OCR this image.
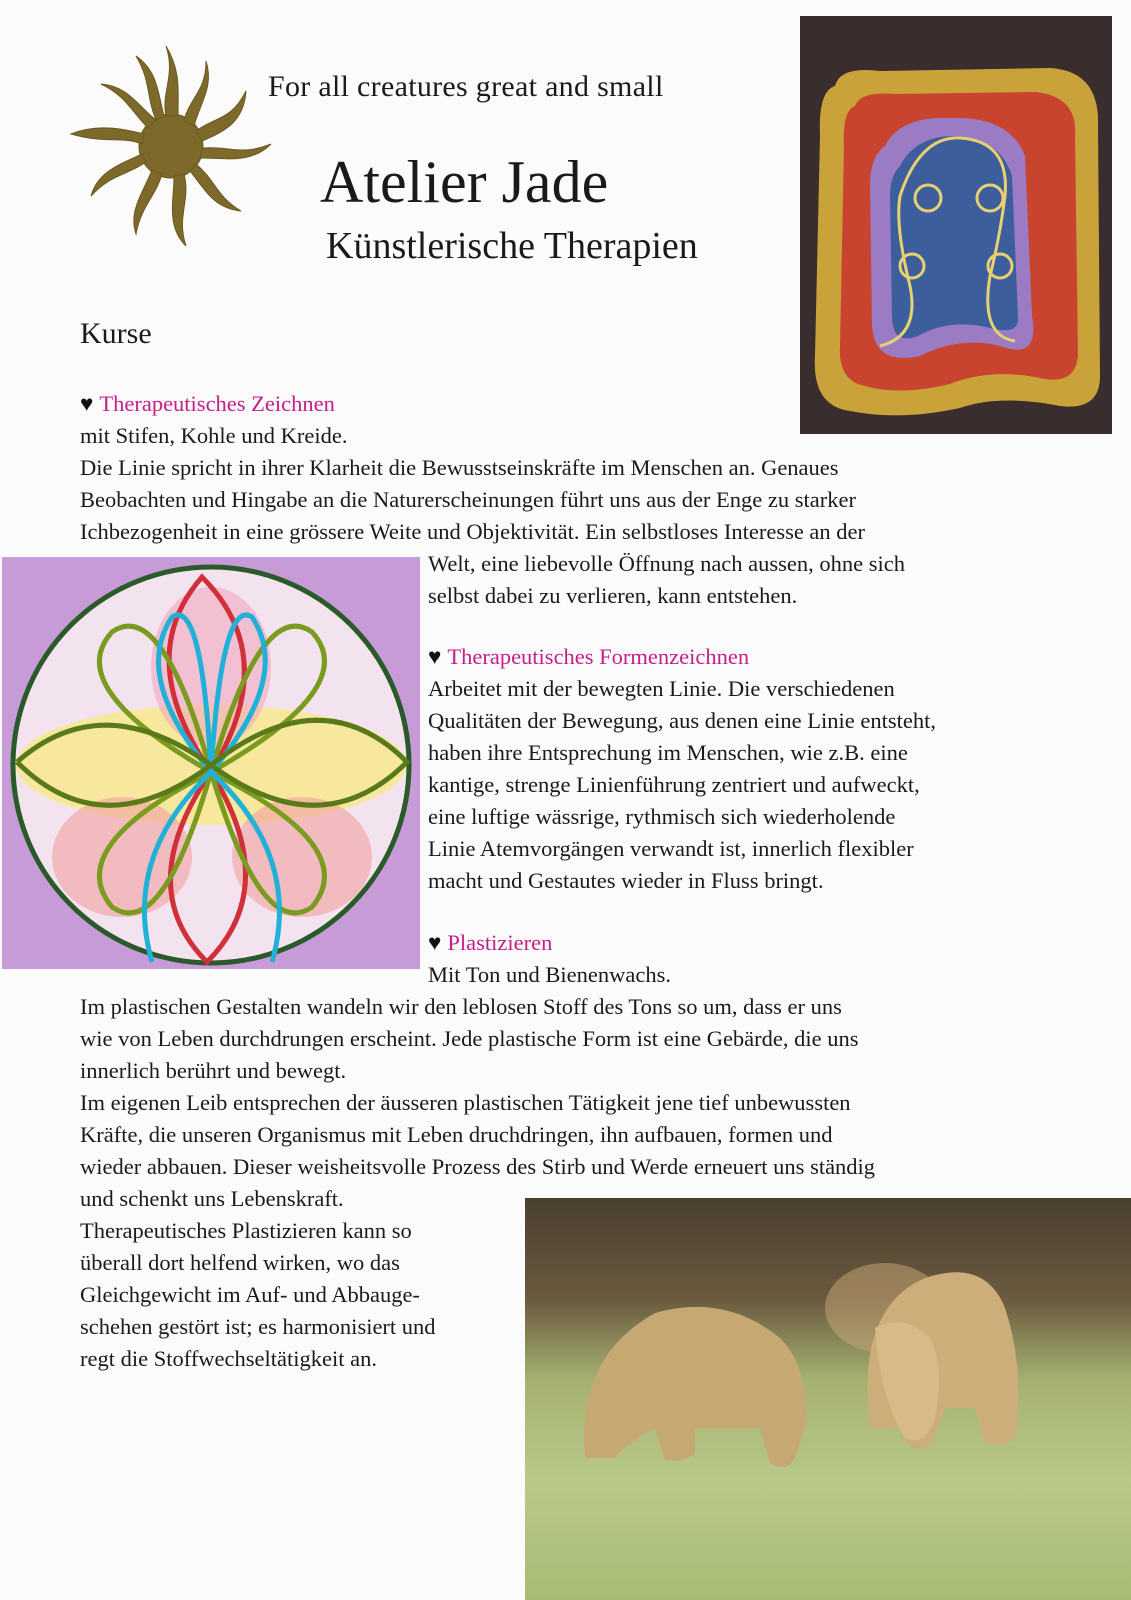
For all creatures great and small
Atelier Jade
Künstlerische Therapien
Kurse
♥ Therapeutisches Zeichnen
mit Stifen, Kohle und Kreide.
Die Linie spricht in ihrer Klarheit die Bewusstseinskräfte im Menschen an. Genaues
Beobachten und Hingabe an die Naturerscheinungen führt uns aus der Enge zu starker
Ichbezogenheit in eine grössere Weite und Objektivität. Ein selbstloses Interesse an der
Welt, eine liebevolle Öffnung nach aussen, ohne sich
selbst dabei zu verlieren, kann entstehen.
♥ Therapeutisches Formenzeichnen
Arbeitet mit der bewegten Linie. Die verschiedenen
Qualitäten der Bewegung, aus denen eine Linie entsteht,
haben ihre Entsprechung im Menschen, wie z.B. eine
kantige, strenge Linienführung zentriert und aufweckt,
eine luftige wässrige, rythmisch sich wiederholende
Linie Atemvorgängen verwandt ist, innerlich flexibler
macht und Gestautes wieder in Fluss bringt.
♥ Plastizieren
Mit Ton und Bienenwachs.
Im plastischen Gestalten wandeln wir den leblosen Stoff des Tons so um, dass er uns
wie von Leben durchdrungen erscheint. Jede plastische Form ist eine Gebärde, die uns
innerlich berührt und bewegt.
Im eigenen Leib entsprechen der äusseren plastischen Tätigkeit jene tief unbewussten
Kräfte, die unseren Organismus mit Leben druchdringen, ihn aufbauen, formen und
wieder abbauen. Dieser weisheitsvolle Prozess des Stirb und Werde erneuert uns ständig
und schenkt uns Lebenskraft.
Therapeutisches Plastizieren kann so
überall dort helfend wirken, wo das
Gleichgewicht im Auf- und Abbauge-
schehen gestört ist; es harmonisiert und
regt die Stoffwechseltätigkeit an.
